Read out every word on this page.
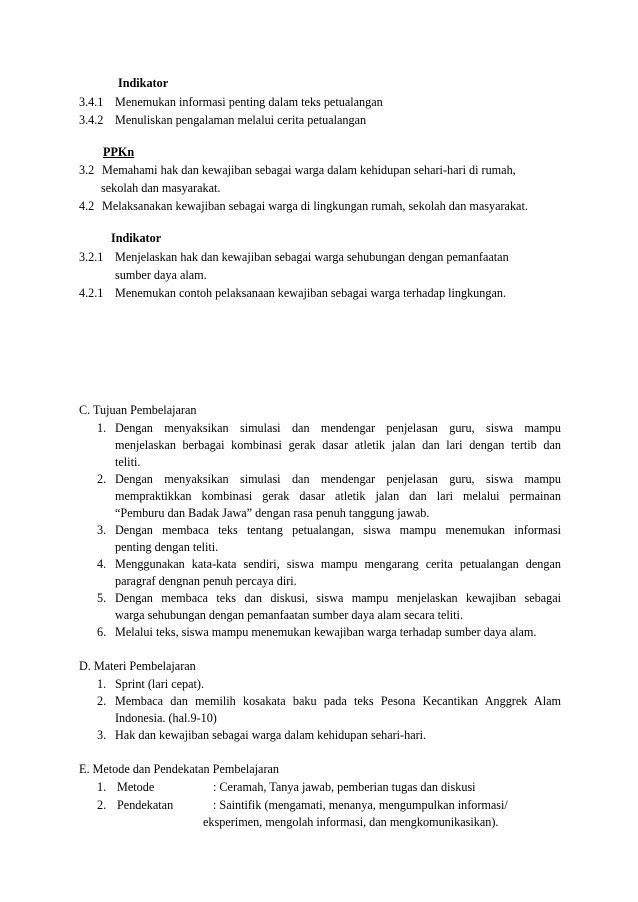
Indikator
3.4.1 Menemukan informasi penting dalam teks petualangan
3.4.2 Menuliskan pengalaman melalui cerita petualangan
PPKn
3.2 Memahami hak dan kewajiban sebagai warga dalam kehidupan sehari-hari di rumah,
sekolah dan masyarakat.
4.2 Melaksanakan kewajiban sebagai warga di lingkungan rumah, sekolah dan masyarakat.
Indikator
3.2.1 Menjelaskan hak dan kewajiban sebagai warga sehubungan dengan pemanfaatan
sumber daya alam.
4.2.1 Menemukan contoh pelaksanaan kewajiban sebagai warga terhadap lingkungan.
C. Tujuan Pembelajaran
1. Dengan menyaksikan simulasi dan mendengar penjelasan guru, siswa mampu
menjelaskan berbagai kombinasi gerak dasar atletik jalan dan lari dengan tertib dan
teliti.
2. Dengan menyaksikan simulasi dan mendengar penjelasan guru, siswa mampu
mempraktikkan kombinasi gerak dasar atletik jalan dan lari melalui permainan
“Pemburu dan Badak Jawa” dengan rasa penuh tanggung jawab.
3. Dengan membaca teks tentang petualangan, siswa mampu menemukan informasi
penting dengan teliti.
4. Menggunakan kata-kata sendiri, siswa mampu mengarang cerita petualangan dengan
paragraf dengnan penuh percaya diri.
5. Dengan membaca teks dan diskusi, siswa mampu menjelaskan kewajiban sebagai
warga sehubungan dengan pemanfaatan sumber daya alam secara teliti.
6. Melalui teks, siswa mampu menemukan kewajiban warga terhadap sumber daya alam.
D. Materi Pembelajaran
1. Sprint (lari cepat).
2. Membaca dan memilih kosakata baku pada teks Pesona Kecantikan Anggrek Alam
Indonesia. (hal.9-10)
3. Hak dan kewajiban sebagai warga dalam kehidupan sehari-hari.
E. Metode dan Pendekatan Pembelajaran
1. Metode	: Ceramah, Tanya jawab, pemberian tugas dan diskusi
2. Pendekatan	: Saintifik (mengamati, menanya, mengumpulkan informasi/
eksperimen, mengolah informasi, dan mengkomunikasikan).
